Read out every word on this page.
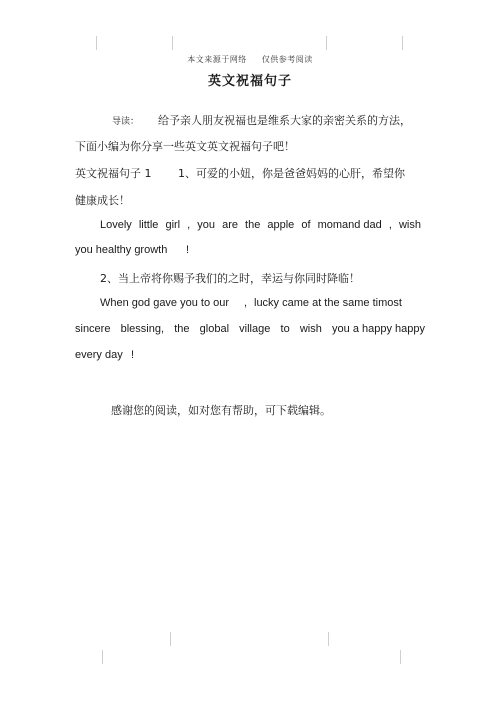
本文来源于网络 仅供参考阅读
英文祝福句子
导读： 给予亲人朋友祝福也是维系大家的亲密关系的方法，
下面小编为你分享一些英文英文祝福句子吧！
英文祝福句子 1 1、可爱的小妞，你是爸爸妈妈的心肝，希望你
健康成长！
Lovely little girl , you are the apple of momand dad , wish
you healthy growth !
2、当上帝将你赐予我们的之时，幸运与你同时降临！
When god gave you to our , lucky came at the same timost
sincere blessing, the global village to wish you a happy happy
every day !
感谢您的阅读，如对您有帮助，可下载编辑。
